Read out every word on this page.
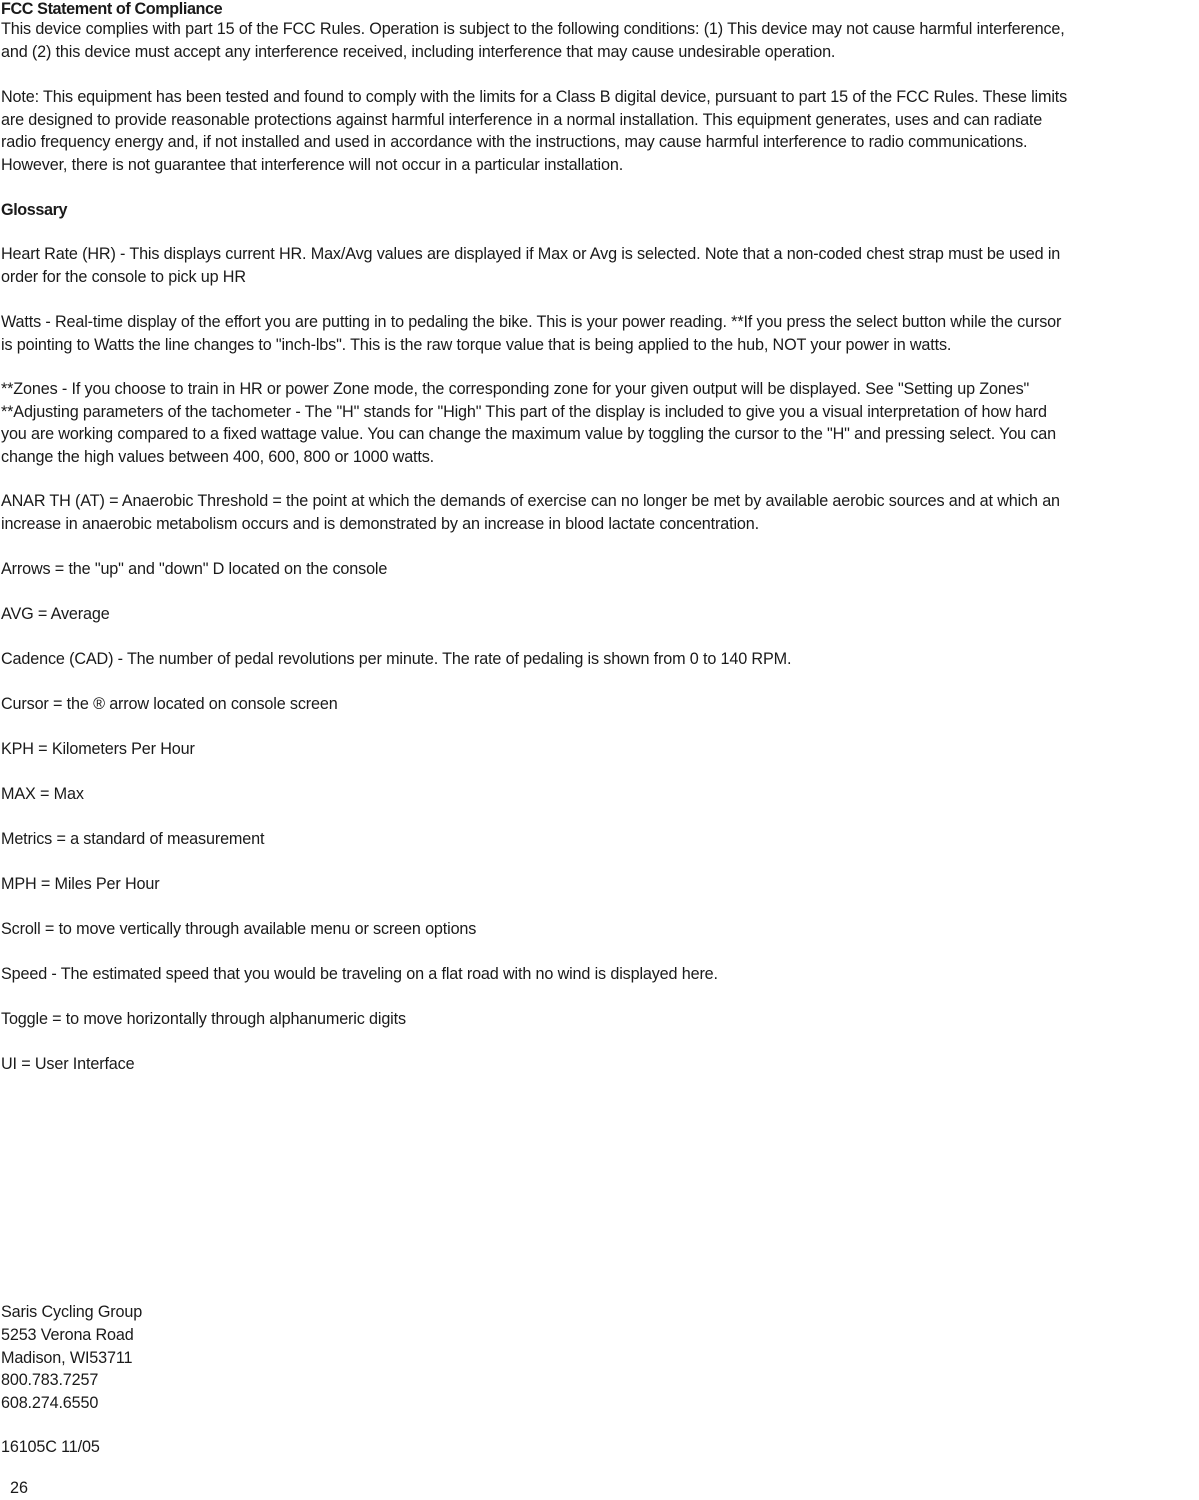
FCC Statement of Compliance

This device complies with part 15 of the FCC Rules. Operation is subject to the following conditions: (1) This device may not cause harmful interference,
and (2) this device must accept any interference received, including interference that may cause undesirable operation.

Note: This equipment has been tested and found to comply with the limits for a Class B digital device, pursuant to part 15 of the FCC Rules. These limits
are designed to provide reasonable protections against harmful interference in a normal installation. This equipment generates, uses and can radiate
radio frequency energy and, if not installed and used in accordance with the instructions, may cause harmful interference to radio communications.
However, there is not guarantee that interference will not occur in a particular installation.

Glossary

Heart Rate (HR) - This displays current HR. Max/Avg values are displayed if Max or Avg is selected. Note that a non-coded chest strap must be used in
order for the console to pick up HR

Watts - Real-time display of the effort you are putting in to pedaling the bike. This is your power reading. **If you press the select button while the cursor
is pointing to Watts the line changes to "inch-lbs". This is the raw torque value that is being applied to the hub, NOT your power in watts.

**Zones - If you choose to train in HR or power Zone mode, the corresponding zone for your given output will be displayed. See "Setting up Zones"
**Adjusting parameters of the tachometer - The "H" stands for "High" This part of the display is included to give you a visual interpretation of how hard
you are working compared to a fixed wattage value. You can change the maximum value by toggling the cursor to the "H" and pressing select. You can
change the high values between 400, 600, 800 or 1000 watts.

ANAR TH (AT) = Anaerobic Threshold = the point at which the demands of exercise can no longer be met by available aerobic sources and at which an
increase in anaerobic metabolism occurs and is demonstrated by an increase in blood lactate concentration.

Arrows = the "up" and "down" D located on the console

AVG = Average

Cadence (CAD) - The number of pedal revolutions per minute. The rate of pedaling is shown from 0 to 140 RPM.

Cursor = the ® arrow located on console screen

KPH = Kilometers Per Hour

MAX = Max

Metrics = a standard of measurement

MPH = Miles Per Hour

Scroll = to move vertically through available menu or screen options

Speed - The estimated speed that you would be traveling on a flat road with no wind is displayed here.

Toggle = to move horizontally through alphanumeric digits

UI = User Interface

Saris Cycling Group

5253 Verona Road

Madison, WI53711

800.783.7257

608.274.6550

16105C 11/05

26
